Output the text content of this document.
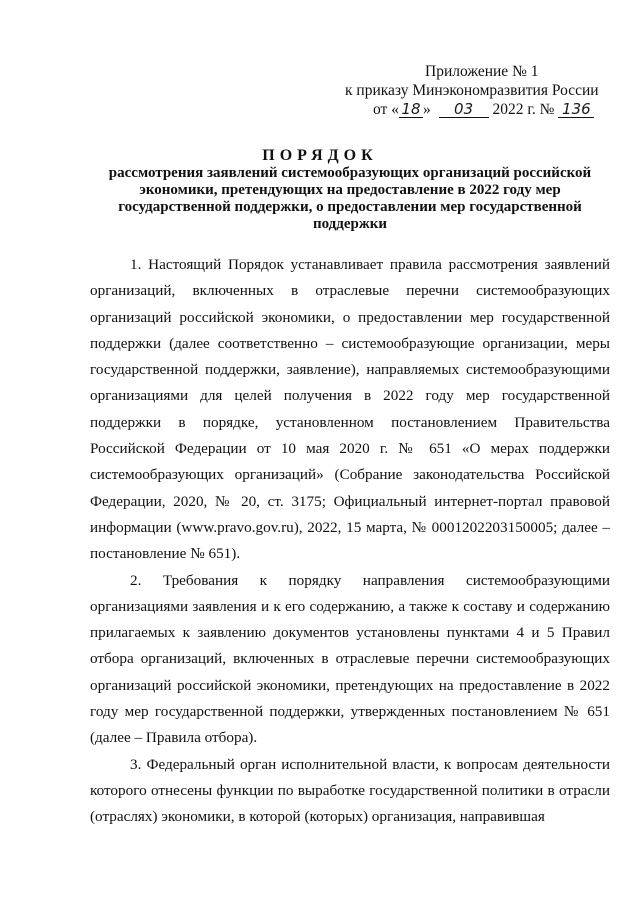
Приложение № 1
к приказу Минэкономразвития России
от « 18 » 03 2022 г. № 136
ПОРЯДОК
рассмотрения заявлений системообразующих организаций российской
экономики, претендующих на предоставление в 2022 году мер
государственной поддержки, о предоставлении мер государственной
поддержки

1. Настоящий Порядок устанавливает правила рассмотрения заявлений организаций, включенных в отраслевые перечни системообразующих организаций российской экономики, о предоставлении мер государственной поддержки (далее соответственно – системообразующие организации, меры государственной поддержки, заявление), направляемых системообразующими организациями для целей получения в 2022 году мер государственной поддержки в порядке, установленном постановлением Правительства Российской Федерации от 10 мая 2020 г. № 651 «О мерах поддержки системообразующих организаций» (Собрание законодательства Российской Федерации, 2020, № 20, ст. 3175; Официальный интернет-портал правовой информации (www.pravo.gov.ru), 2022, 15 марта, № 0001202203150005; далее – постановление № 651).

2. Требования к порядку направления системообразующими организациями заявления и к его содержанию, а также к составу и содержанию прилагаемых к заявлению документов установлены пунктами 4 и 5 Правил отбора организаций, включенных в отраслевые перечни системообразующих организаций российской экономики, претендующих на предоставление в 2022 году мер государственной поддержки, утвержденных постановлением № 651 (далее – Правила отбора).

3. Федеральный орган исполнительной власти, к вопросам деятельности которого отнесены функции по выработке государственной политики в отрасли (отраслях) экономики, в которой (которых) организация, направившая
